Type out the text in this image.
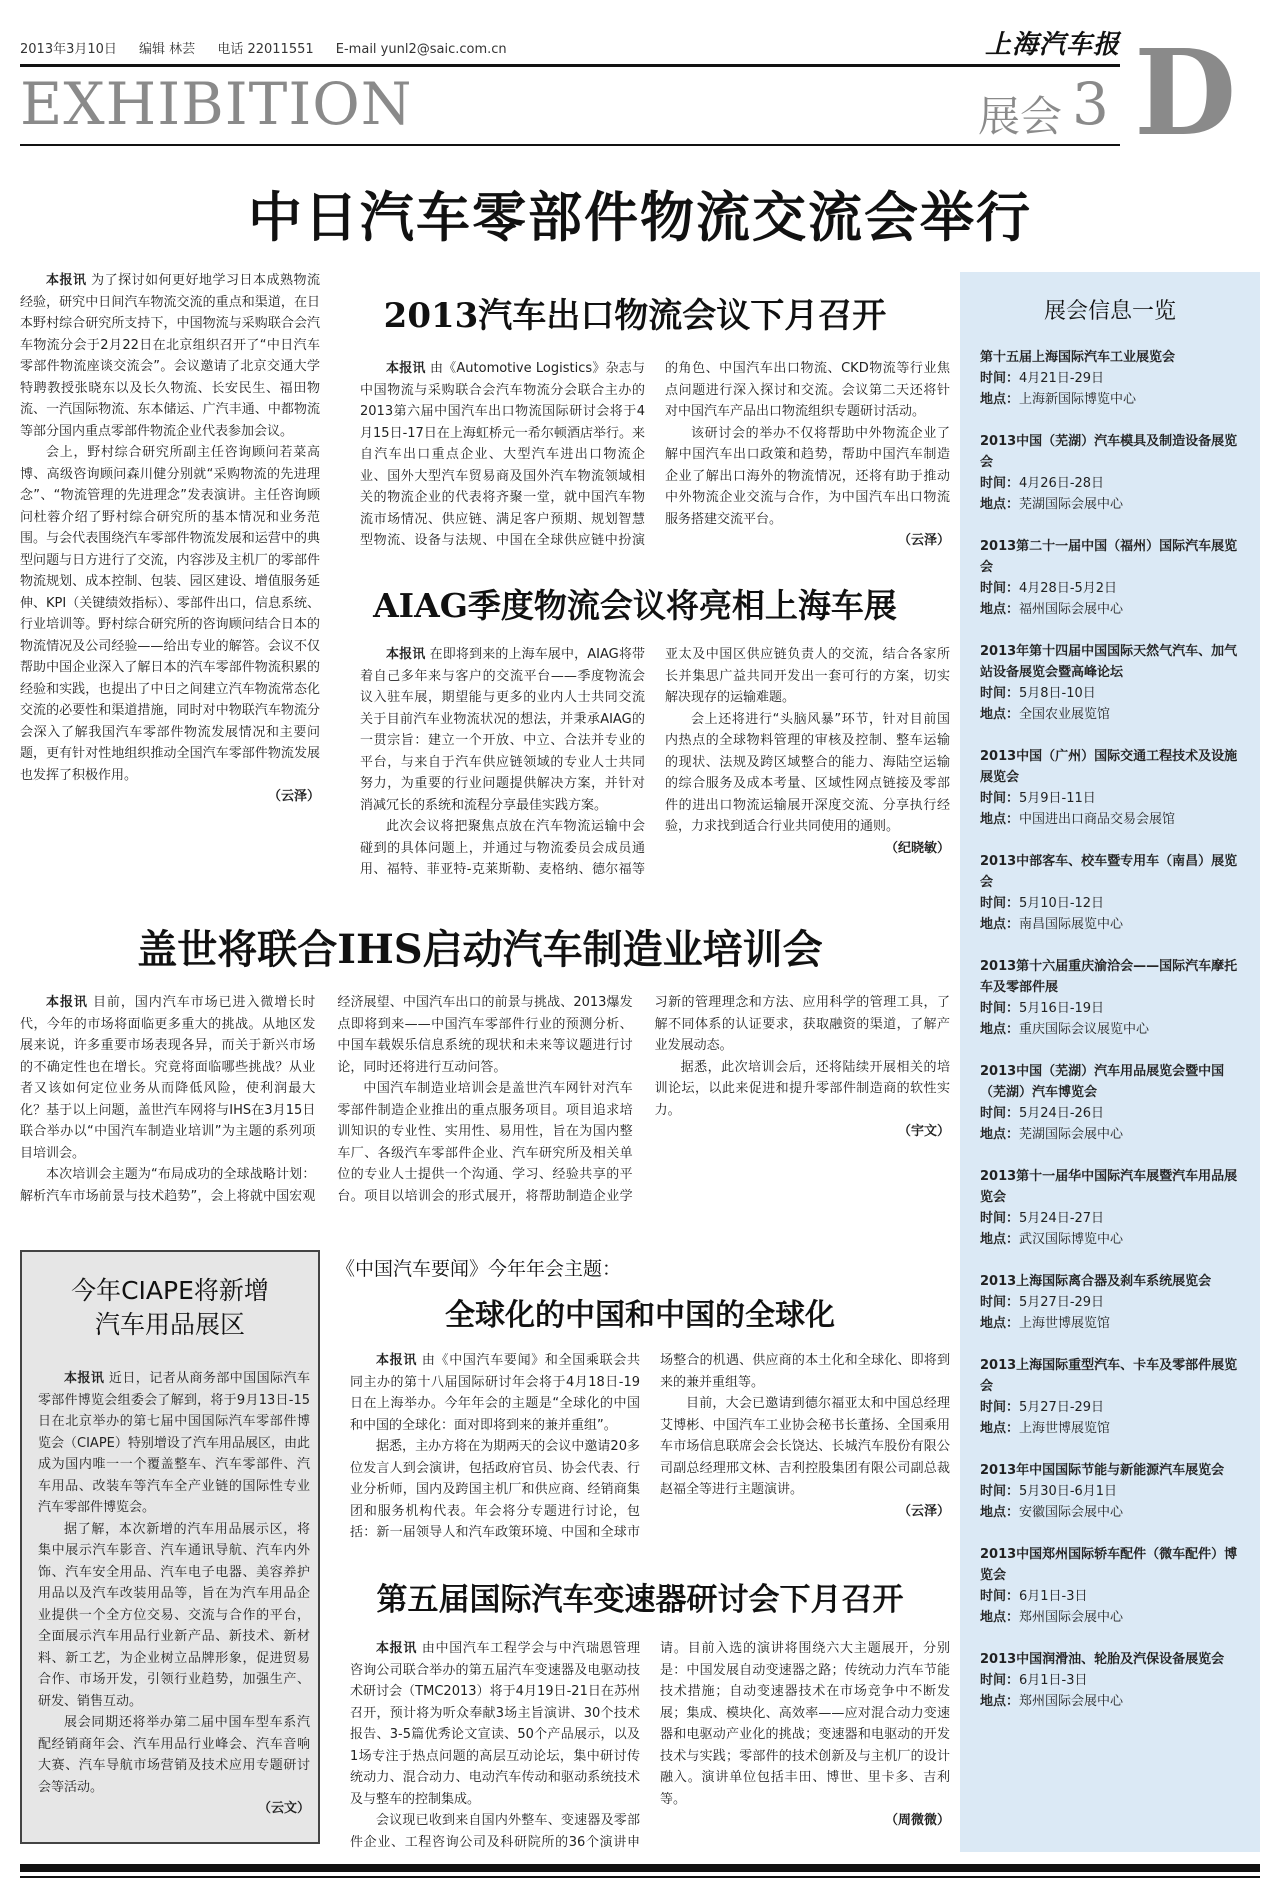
2013年3月10日 编辑 林芸 电话 22011551 E-mail yunl2@saic.com.cn	上海汽车报
EXHIBITION	展会 3 D
中日汽车零部件物流交流会举行

本报讯 为了探讨如何更好地学习日本成熟物流经验，研究中日间汽车物流交流的重点和渠道，在日本野村综合研究所支持下，中国物流与采购联合会汽车物流分会于2月22日在北京组织召开了“中日汽车零部件物流座谈交流会”。会议邀请了北京交通大学特聘教授张晓东以及长久物流、长安民生、福田物流、一汽国际物流、东本储运、广汽丰通、中都物流等部分国内重点零部件物流企业代表参加会议。

会上，野村综合研究所副主任咨询顾问若菜高博、高级咨询顾问森川健分别就“采购物流的先进理念”、“物流管理的先进理念”发表演讲。主任咨询顾问杜蓉介绍了野村综合研究所的基本情况和业务范围。与会代表围绕汽车零部件物流发展和运营中的典型问题与日方进行了交流，内容涉及主机厂的零部件物流规划、成本控制、包装、园区建设、增值服务延伸、KPI（关键绩效指标）、零部件出口，信息系统、行业培训等。野村综合研究所的咨询顾问结合日本的物流情况及公司经验——给出专业的解答。会议不仅帮助中国企业深入了解日本的汽车零部件物流积累的经验和实践，也提出了中日之间建立汽车物流常态化交流的必要性和渠道措施，同时对中物联汽车物流分会深入了解我国汽车零部件物流发展情况和主要问题，更有针对性地组织推动全国汽车零部件物流发展也发挥了积极作用。

（云泽）
2013汽车出口物流会议下月召开

本报讯 由《Automotive Logistics》杂志与中国物流与采购联合会汽车物流分会联合主办的2013第六届中国汽车出口物流国际研讨会将于4月15日-17日在上海虹桥元一希尔顿酒店举行。来自汽车出口重点企业、大型汽车进出口物流企业、国外大型汽车贸易商及国外汽车物流领域相关的物流企业的代表将齐聚一堂，就中国汽车物流市场情况、供应链、满足客户预期、规划智慧型物流、设备与法规、中国在全球供应链中扮演的角色、中国汽车出口物流、CKD物流等行业焦点问题进行深入探讨和交流。会议第二天还将针对中国汽车产品出口物流组织专题研讨活动。

该研讨会的举办不仅将帮助中外物流企业了解中国汽车出口政策和趋势，帮助中国汽车制造企业了解出口海外的物流情况，还将有助于推动中外物流企业交流与合作，为中国汽车出口物流服务搭建交流平台。

（云泽）
AIAG季度物流会议将亮相上海车展

本报讯 在即将到来的上海车展中，AIAG将带着自己多年来与客户的交流平台——季度物流会议入驻车展，期望能与更多的业内人士共同交流关于目前汽车业物流状况的想法，并秉承AIAG的一贯宗旨：建立一个开放、中立、合法并专业的平台，与来自于汽车供应链领域的专业人士共同努力，为重要的行业问题提供解决方案，并针对消减冗长的系统和流程分享最佳实践方案。

此次会议将把聚焦点放在汽车物流运输中会碰到的具体问题上，并通过与物流委员会成员通用、福特、菲亚特-克莱斯勒、麦格纳、德尔福等亚太及中国区供应链负责人的交流，结合各家所长并集思广益共同开发出一套可行的方案，切实解决现存的运输难题。

会上还将进行“头脑风暴”环节，针对目前国内热点的全球物料管理的审核及控制、整车运输的现状、法规及跨区域整合的能力、海陆空运输的综合服务及成本考量、区域性网点链接及零部件的进出口物流运输展开深度交流、分享执行经验，力求找到适合行业共同使用的通则。

（纪晓敏）
盖世将联合IHS启动汽车制造业培训会

本报讯 目前，国内汽车市场已进入微增长时代，今年的市场将面临更多重大的挑战。从地区发展来说，许多重要市场表现各异，而关于新兴市场的不确定性也在增长。究竟将面临哪些挑战？从业者又该如何定位业务从而降低风险，使利润最大化？基于以上问题，盖世汽车网将与IHS在3月15日联合举办以“中国汽车制造业培训”为主题的系列项目培训会。

本次培训会主题为“布局成功的全球战略计划：解析汽车市场前景与技术趋势”，会上将就中国宏观经济展望、中国汽车出口的前景与挑战、2013爆发点即将到来——中国汽车零部件行业的预测分析、中国车载娱乐信息系统的现状和未来等议题进行讨论，同时还将进行互动问答。

中国汽车制造业培训会是盖世汽车网针对汽车零部件制造企业推出的重点服务项目。项目追求培训知识的专业性、实用性、易用性，旨在为国内整车厂、各级汽车零部件企业、汽车研究所及相关单位的专业人士提供一个沟通、学习、经验共享的平台。项目以培训会的形式展开，将帮助制造企业学习新的管理理念和方法、应用科学的管理工具，了解不同体系的认证要求，获取融资的渠道，了解产业发展动态。

据悉，此次培训会后，还将陆续开展相关的培训论坛，以此来促进和提升零部件制造商的软性实力。

（宇文）
今年CIAPE将新增
汽车用品展区

本报讯 近日，记者从商务部中国国际汽车零部件博览会组委会了解到，将于9月13日-15日在北京举办的第七届中国国际汽车零部件博览会（CIAPE）特别增设了汽车用品展区，由此成为国内唯一一个覆盖整车、汽车零部件、汽车用品、改装车等汽车全产业链的国际性专业汽车零部件博览会。

据了解，本次新增的汽车用品展示区，将集中展示汽车影音、汽车通讯导航、汽车内外饰、汽车安全用品、汽车电子电器、美容养护用品以及汽车改装用品等，旨在为汽车用品企业提供一个全方位交易、交流与合作的平台，全面展示汽车用品行业新产品、新技术、新材料、新工艺，为企业树立品牌形象，促进贸易合作、市场开发，引领行业趋势，加强生产、研发、销售互动。

展会同期还将举办第二届中国车型车系汽配经销商年会、汽车用品行业峰会、汽车音响大赛、汽车导航市场营销及技术应用专题研讨会等活动。

（云文）
《中国汽车要闻》今年年会主题：
全球化的中国和中国的全球化

本报讯 由《中国汽车要闻》和全国乘联会共同主办的第十八届国际研讨年会将于4月18日-19日在上海举办。今年年会的主题是“全球化的中国和中国的全球化：面对即将到来的兼并重组”。

据悉，主办方将在为期两天的会议中邀请20多位发言人到会演讲，包括政府官员、协会代表、行业分析师，国内及跨国主机厂和供应商、经销商集团和服务机构代表。年会将分专题进行讨论，包括：新一届领导人和汽车政策环境、中国和全球市场整合的机遇、供应商的本土化和全球化、即将到来的兼并重组等。

目前，大会已邀请到德尔福亚太和中国总经理艾博彬、中国汽车工业协会秘书长董扬、全国乘用车市场信息联席会会长饶达、长城汽车股份有限公司副总经理邢文林、吉利控股集团有限公司副总裁赵福全等进行主题演讲。

（云泽）
第五届国际汽车变速器研讨会下月召开

本报讯 由中国汽车工程学会与中汽瑞恩管理咨询公司联合举办的第五届汽车变速器及电驱动技术研讨会（TMC2013）将于4月19日-21日在苏州召开，预计将为听众奉献3场主旨演讲、30个技术报告、3-5篇优秀论文宣读、50个产品展示，以及1场专注于热点问题的高层互动论坛，集中研讨传统动力、混合动力、电动汽车传动和驱动系统技术及与整车的控制集成。

会议现已收到来自国内外整车、变速器及零部件企业、工程咨询公司及科研院所的36个演讲申请。目前入选的演讲将围绕六大主题展开，分别是：中国发展自动变速器之路；传统动力汽车节能技术措施；自动变速器技术在市场竞争中不断发展；集成、模块化、高效率——应对混合动力变速器和电驱动产业化的挑战；变速器和电驱动的开发技术与实践；零部件的技术创新及与主机厂的设计融入。演讲单位包括丰田、博世、里卡多、吉利等。

（周微微）
展会信息一览
第十五届上海国际汽车工业展览会
时间：4月21日-29日
地点：上海新国际博览中心
2013中国（芜湖）汽车模具及制造设备展览会
时间：4月26日-28日
地点：芜湖国际会展中心
2013第二十一届中国（福州）国际汽车展览会
时间：4月28日-5月2日
地点：福州国际会展中心
2013年第十四届中国国际天然气汽车、加气站设备展览会暨高峰论坛
时间：5月8日-10日
地点：全国农业展览馆
2013中国（广州）国际交通工程技术及设施展览会
时间：5月9日-11日
地点：中国进出口商品交易会展馆
2013中部客车、校车暨专用车（南昌）展览会
时间：5月10日-12日
地点：南昌国际展览中心
2013第十六届重庆渝洽会——国际汽车摩托车及零部件展
时间：5月16日-19日
地点：重庆国际会议展览中心
2013中国（芜湖）汽车用品展览会暨中国（芜湖）汽车博览会
时间：5月24日-26日
地点：芜湖国际会展中心
2013第十一届华中国际汽车展暨汽车用品展览会
时间：5月24日-27日
地点：武汉国际博览中心
2013上海国际离合器及刹车系统展览会
时间：5月27日-29日
地点：上海世博展览馆
2013上海国际重型汽车、卡车及零部件展览会
时间：5月27日-29日
地点：上海世博展览馆
2013年中国国际节能与新能源汽车展览会
时间：5月30日-6月1日
地点：安徽国际会展中心
2013中国郑州国际轿车配件（微车配件）博览会
时间：6月1日-3日
地点：郑州国际会展中心
2013中国润滑油、轮胎及汽保设备展览会
时间：6月1日-3日
地点：郑州国际会展中心
